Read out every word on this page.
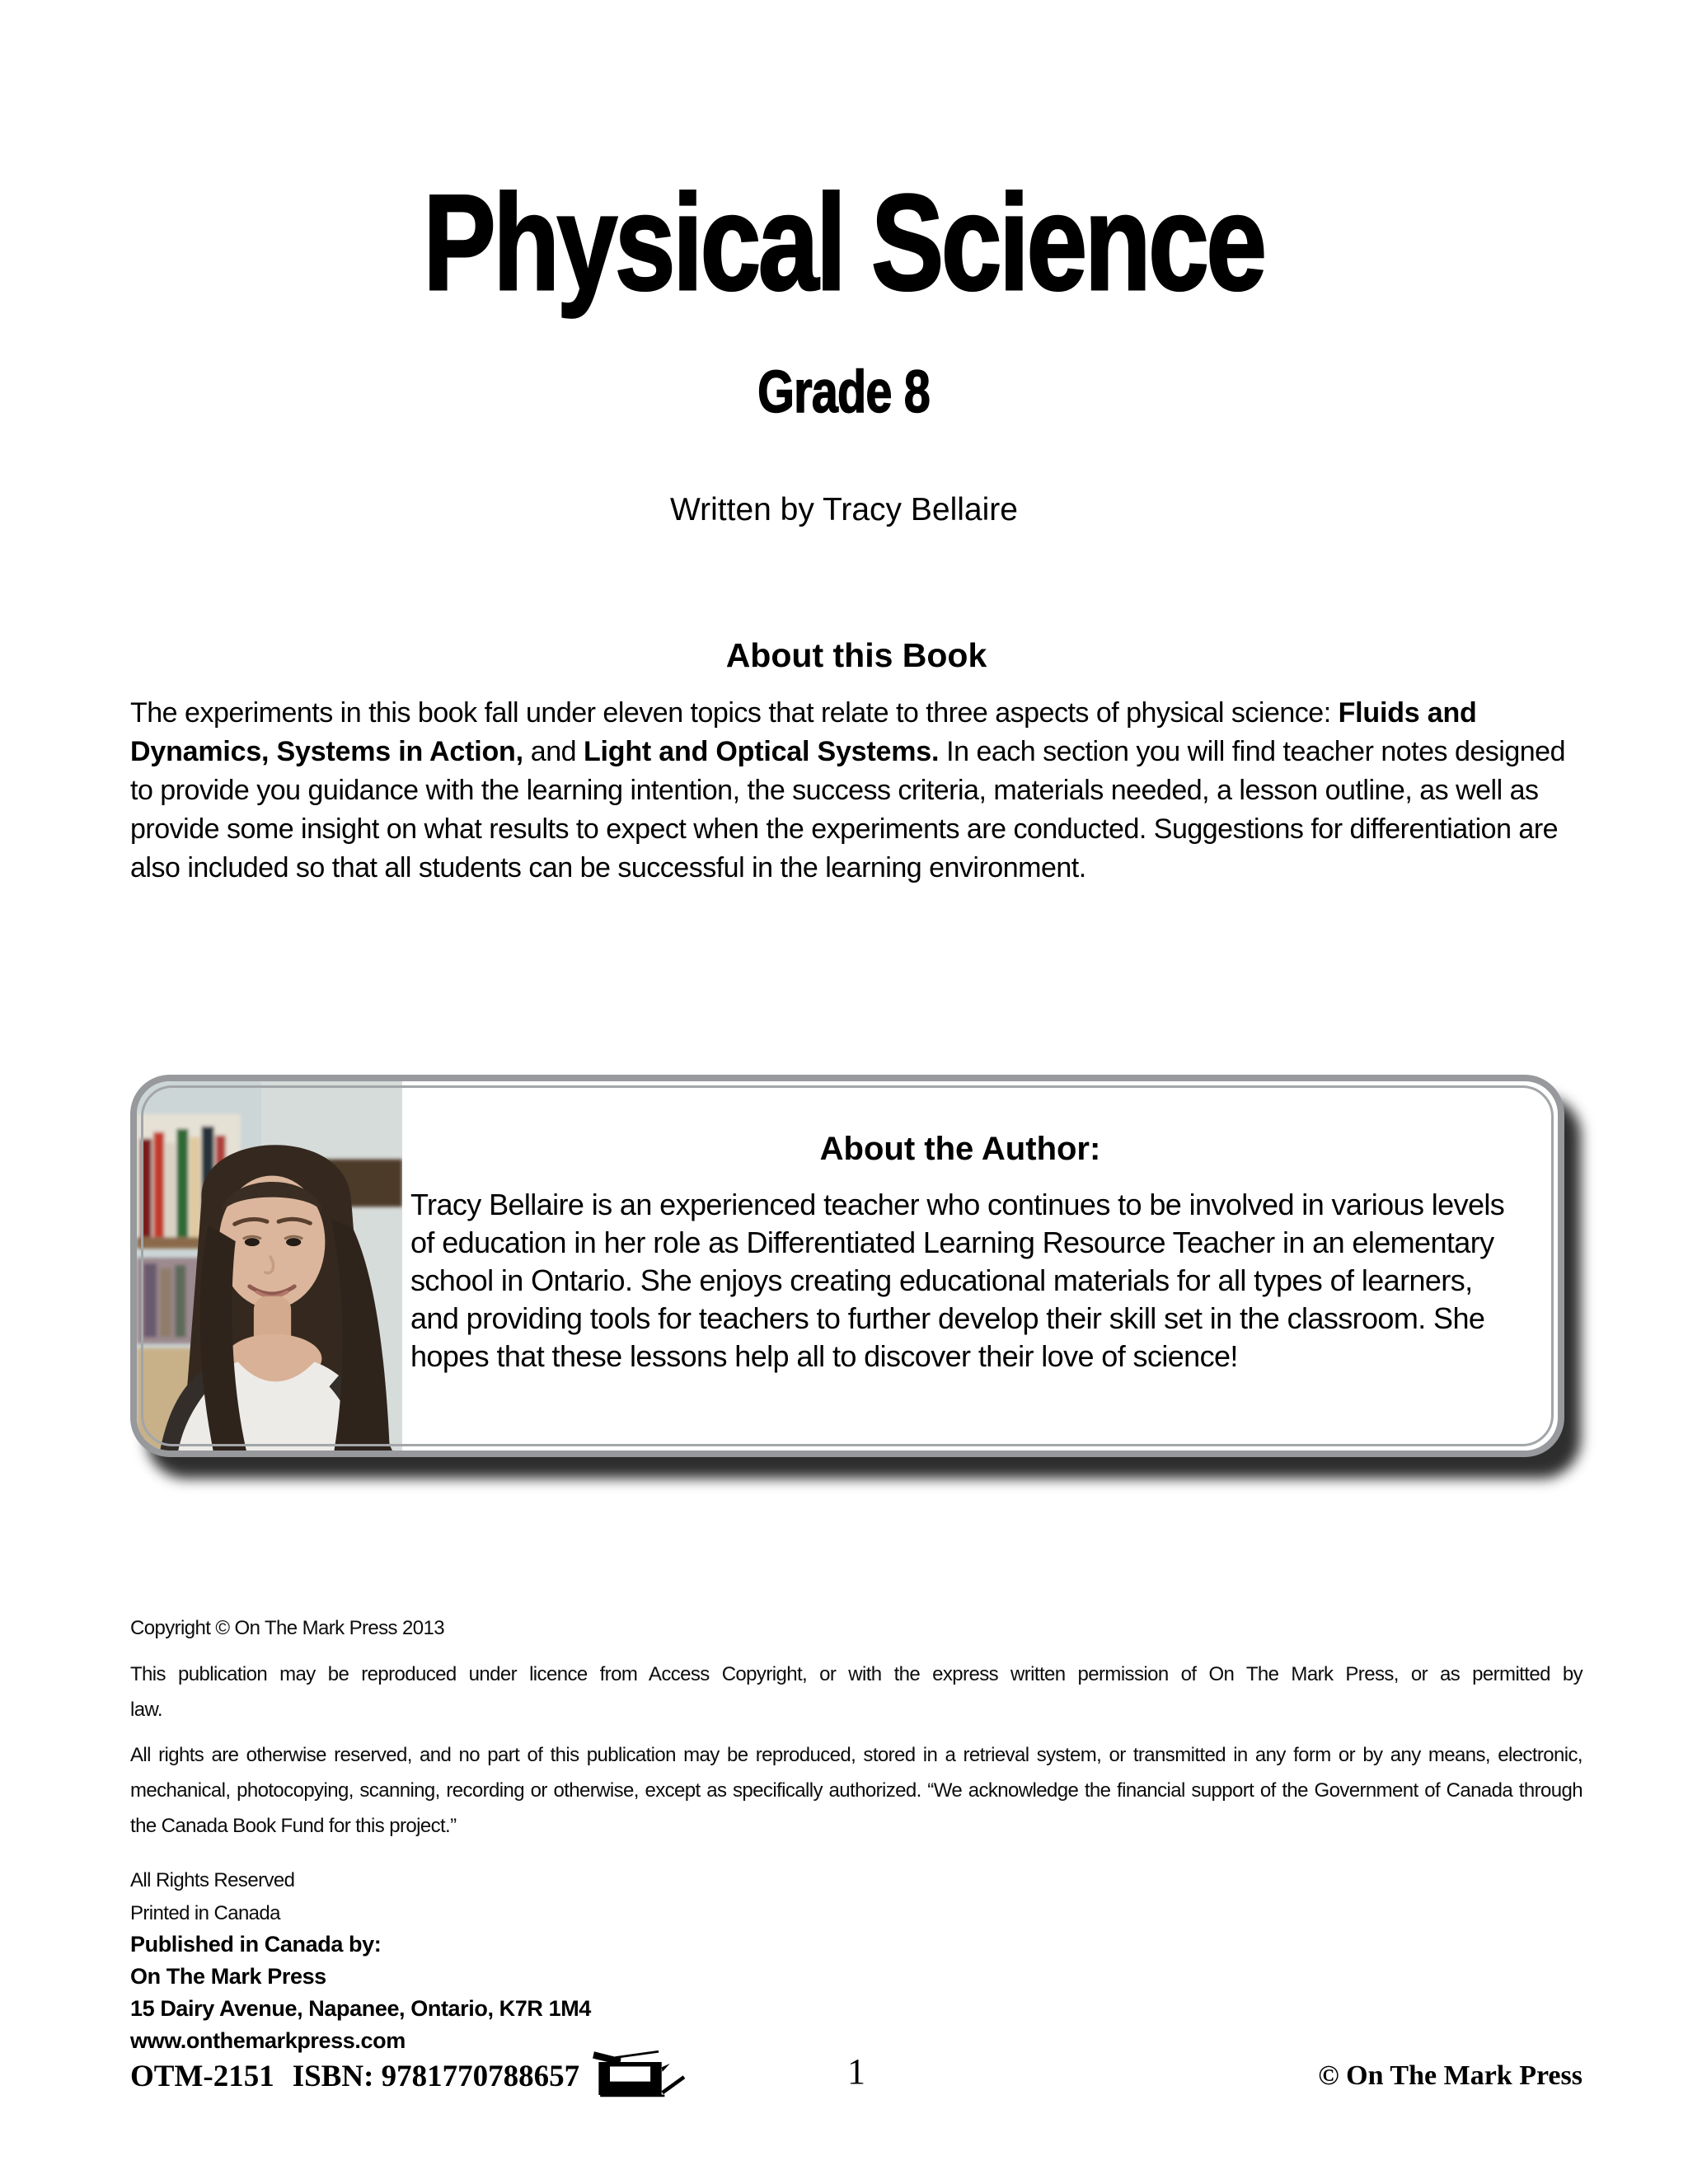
Physical Science
Grade 8
Written by Tracy Bellaire
About this Book
The experiments in this book fall under eleven topics that relate to three aspects of physical science: Fluids and Dynamics, Systems in Action, and Light and Optical Systems. In each section you will find teacher notes designed to provide you guidance with the learning intention, the success criteria, materials needed, a lesson outline, as well as provide some insight on what results to expect when the experiments are conducted. Suggestions for differentiation are also included so that all students can be successful in the learning environment.
About the Author:
Tracy Bellaire is an experienced teacher who continues to be involved in various levels of education in her role as Differentiated Learning Resource Teacher in an elementary school in Ontario. She enjoys creating educational materials for all types of learners, and providing tools for teachers to further develop their skill set in the classroom. She hopes that these lessons help all to discover their love of science!
Copyright © On The Mark Press 2013
This publication may be reproduced under licence from Access Copyright, or with the express written permission of On The Mark Press, or as permitted by law.
All rights are otherwise reserved, and no part of this publication may be reproduced, stored in a retrieval system, or transmitted in any form or by any means, electronic, mechanical, photocopying, scanning, recording or otherwise, except as specifically authorized. “We acknowledge the financial support of the Government of Canada through the Canada Book Fund for this project.”
All Rights Reserved
Printed in Canada
Published in Canada by:
On The Mark Press
15 Dairy Avenue, Napanee, Ontario, K7R 1M4
www.onthemarkpress.com
OTM-2151 ISBN: 9781770788657	1	© On The Mark Press
